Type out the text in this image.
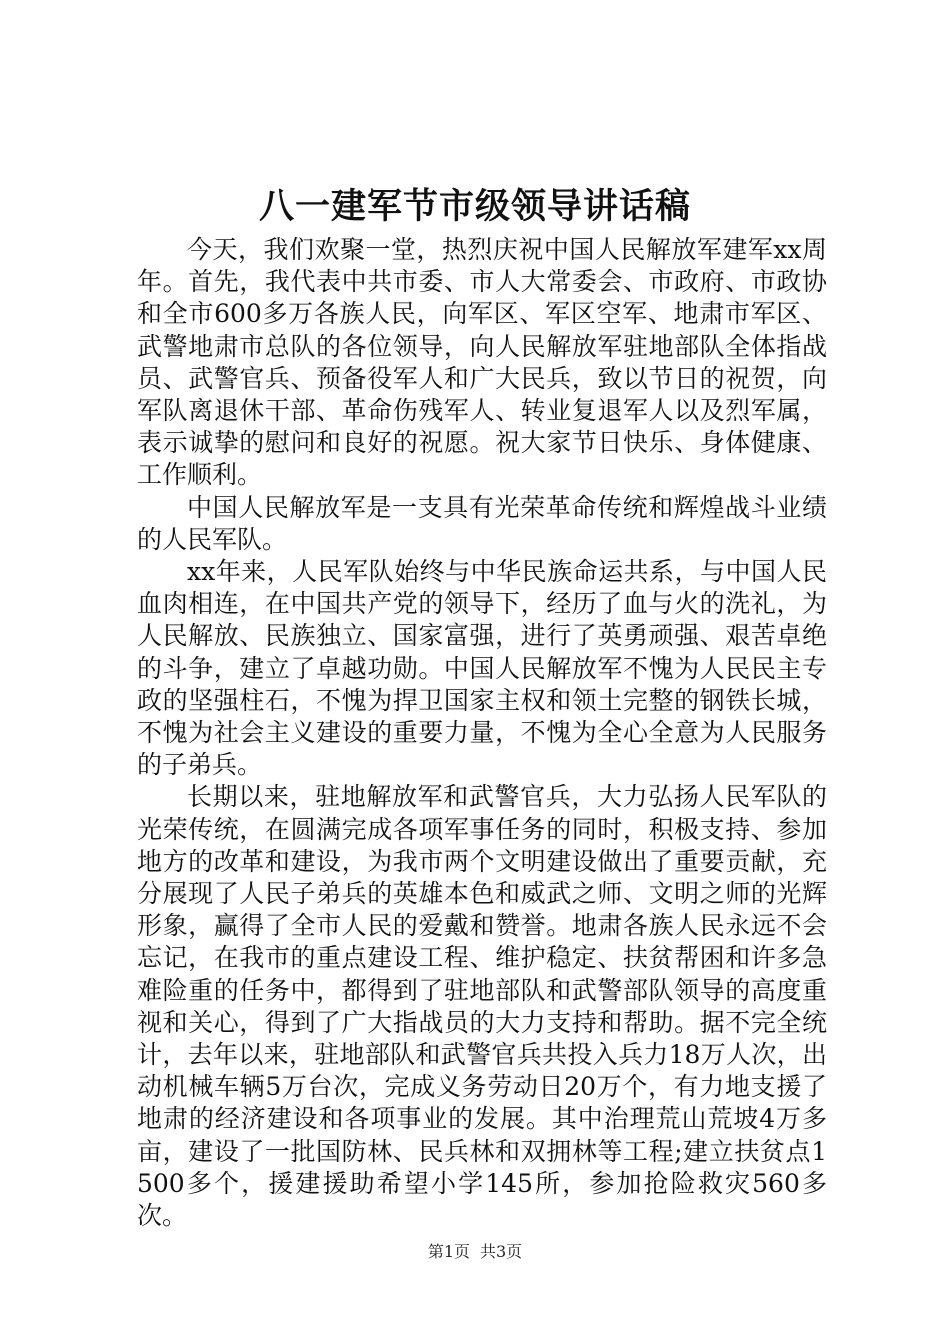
八一建军节市级领导讲话稿

今天，我们欢聚一堂，热烈庆祝中国人民解放军建军xx周年。首先，我代表中共市委、市人大常委会、市政府、市政协和全市600多万各族人民，向军区、军区空军、地肃市军区、武警地肃市总队的各位领导，向人民解放军驻地部队全体指战员、武警官兵、预备役军人和广大民兵，致以节日的祝贺，向军队离退休干部、革命伤残军人、转业复退军人以及烈军属，表示诚挚的慰问和良好的祝愿。祝大家节日快乐、身体健康、工作顺利。

中国人民解放军是一支具有光荣革命传统和辉煌战斗业绩的人民军队。

xx年来，人民军队始终与中华民族命运共系，与中国人民血肉相连，在中国共产党的领导下，经历了血与火的洗礼，为人民解放、民族独立、国家富强，进行了英勇顽强、艰苦卓绝的斗争，建立了卓越功勋。中国人民解放军不愧为人民民主专政的坚强柱石，不愧为捍卫国家主权和领土完整的钢铁长城，不愧为社会主义建设的重要力量，不愧为全心全意为人民服务的子弟兵。

长期以来，驻地解放军和武警官兵，大力弘扬人民军队的光荣传统，在圆满完成各项军事任务的同时，积极支持、参加地方的改革和建设，为我市两个文明建设做出了重要贡献，充分展现了人民子弟兵的英雄本色和威武之师、文明之师的光辉形象，赢得了全市人民的爱戴和赞誉。地肃各族人民永远不会忘记，在我市的重点建设工程、维护稳定、扶贫帮困和许多急难险重的任务中，都得到了驻地部队和武警部队领导的高度重视和关心，得到了广大指战员的大力支持和帮助。据不完全统计，去年以来，驻地部队和武警官兵共投入兵力18万人次，出动机械车辆5万台次，完成义务劳动日20万个，有力地支援了地肃的经济建设和各项事业的发展。其中治理荒山荒坡4万多亩，建设了一批国防林、民兵林和双拥林等工程;建立扶贫点1500多个，援建援助希望小学145所，参加抢险救灾560多次。

第1页 共3页
